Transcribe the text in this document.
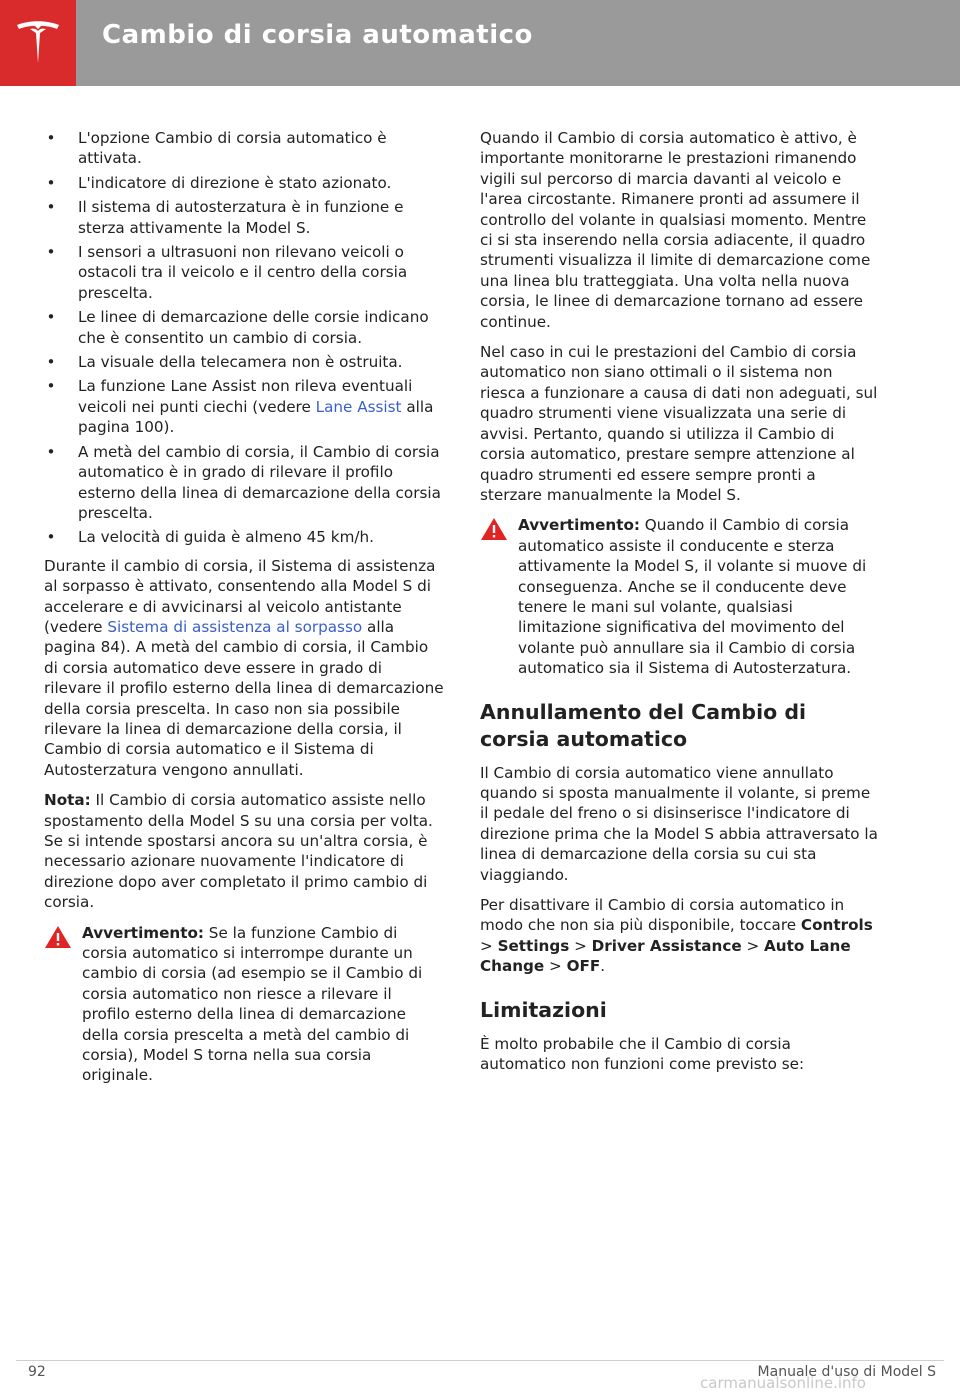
Cambio di corsia automatico
• L'opzione Cambio di corsia automatico è attivata.
• L'indicatore di direzione è stato azionato.
• Il sistema di autosterzatura è in funzione e sterza attivamente la Model S.
• I sensori a ultrasuoni non rilevano veicoli o ostacoli tra il veicolo e il centro della corsia prescelta.
• Le linee di demarcazione delle corsie indicano che è consentito un cambio di corsia.
• La visuale della telecamera non è ostruita.
• La funzione Lane Assist non rileva eventuali veicoli nei punti ciechi (vedere Lane Assist alla pagina 100).
• A metà del cambio di corsia, il Cambio di corsia automatico è in grado di rilevare il profilo esterno della linea di demarcazione della corsia prescelta.
• La velocità di guida è almeno 45 km/h.

Durante il cambio di corsia, il Sistema di assistenza al sorpasso è attivato, consentendo alla Model S di accelerare e di avvicinarsi al veicolo antistante (vedere Sistema di assistenza al sorpasso alla pagina 84). A metà del cambio di corsia, il Cambio di corsia automatico deve essere in grado di rilevare il profilo esterno della linea di demarcazione della corsia prescelta. In caso non sia possibile rilevare la linea di demarcazione della corsia, il Cambio di corsia automatico e il Sistema di Autosterzatura vengono annullati.

Nota: Il Cambio di corsia automatico assiste nello spostamento della Model S su una corsia per volta. Se si intende spostarsi ancora su un'altra corsia, è necessario azionare nuovamente l'indicatore di direzione dopo aver completato il primo cambio di corsia.

Avvertimento: Se la funzione Cambio di corsia automatico si interrompe durante un cambio di corsia (ad esempio se il Cambio di corsia automatico non riesce a rilevare il profilo esterno della linea di demarcazione della corsia prescelta a metà del cambio di corsia), Model S torna nella sua corsia originale.

Quando il Cambio di corsia automatico è attivo, è importante monitorarne le prestazioni rimanendo vigili sul percorso di marcia davanti al veicolo e l'area circostante. Rimanere pronti ad assumere il controllo del volante in qualsiasi momento. Mentre ci si sta inserendo nella corsia adiacente, il quadro strumenti visualizza il limite di demarcazione come una linea blu tratteggiata. Una volta nella nuova corsia, le linee di demarcazione tornano ad essere continue.

Nel caso in cui le prestazioni del Cambio di corsia automatico non siano ottimali o il sistema non riesca a funzionare a causa di dati non adeguati, sul quadro strumenti viene visualizzata una serie di avvisi. Pertanto, quando si utilizza il Cambio di corsia automatico, prestare sempre attenzione al quadro strumenti ed essere sempre pronti a sterzare manualmente la Model S.

Avvertimento: Quando il Cambio di corsia automatico assiste il conducente e sterza attivamente la Model S, il volante si muove di conseguenza. Anche se il conducente deve tenere le mani sul volante, qualsiasi limitazione significativa del movimento del volante può annullare sia il Cambio di corsia automatico sia il Sistema di Autosterzatura.
Annullamento del Cambio di corsia automatico

Il Cambio di corsia automatico viene annullato quando si sposta manualmente il volante, si preme il pedale del freno o si disinserisce l'indicatore di direzione prima che la Model S abbia attraversato la linea di demarcazione della corsia su cui sta viaggiando.

Per disattivare il Cambio di corsia automatico in modo che non sia più disponibile, toccare Controls > Settings > Driver Assistance > Auto Lane Change > OFF.

Limitazioni

È molto probabile che il Cambio di corsia automatico non funzioni come previsto se:

92	Manuale d'uso di Model S
carmanualsonline.info
